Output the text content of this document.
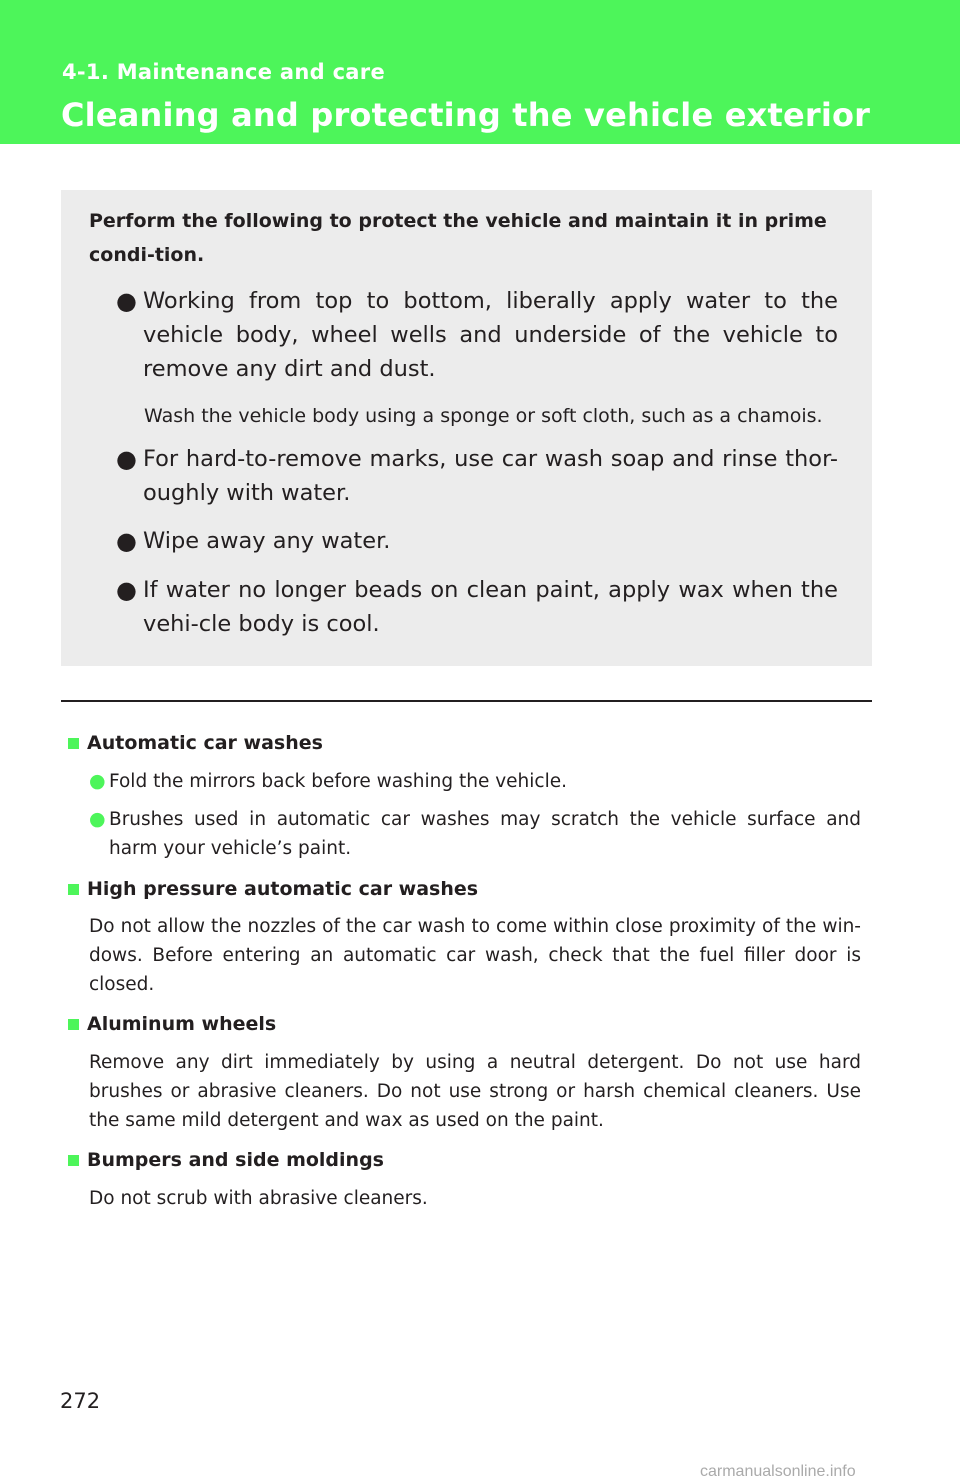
4-1. Maintenance and care
Cleaning and protecting the vehicle exterior
Perform the following to protect the vehicle and maintain it in prime condi-tion.
● Working from top to bottom, liberally apply water to the vehicle body, wheel wells and underside of the vehicle to remove any dirt and dust.
Wash the vehicle body using a sponge or soft cloth, such as a chamois.
● For hard-to-remove marks, use car wash soap and rinse thor-oughly with water.
● Wipe away any water.
● If water no longer beads on clean paint, apply wax when the vehi-cle body is cool.
Automatic car washes
● Fold the mirrors back before washing the vehicle.
● Brushes used in automatic car washes may scratch the vehicle surface and harm your vehicle’s paint.
High pressure automatic car washes
Do not allow the nozzles of the car wash to come within close proximity of the win-dows. Before entering an automatic car wash, check that the fuel filler door is closed.
Aluminum wheels
Remove any dirt immediately by using a neutral detergent. Do not use hard brushes or abrasive cleaners. Do not use strong or harsh chemical cleaners. Use the same mild detergent and wax as used on the paint.
Bumpers and side moldings
Do not scrub with abrasive cleaners.
272
carmanualsonline.info
